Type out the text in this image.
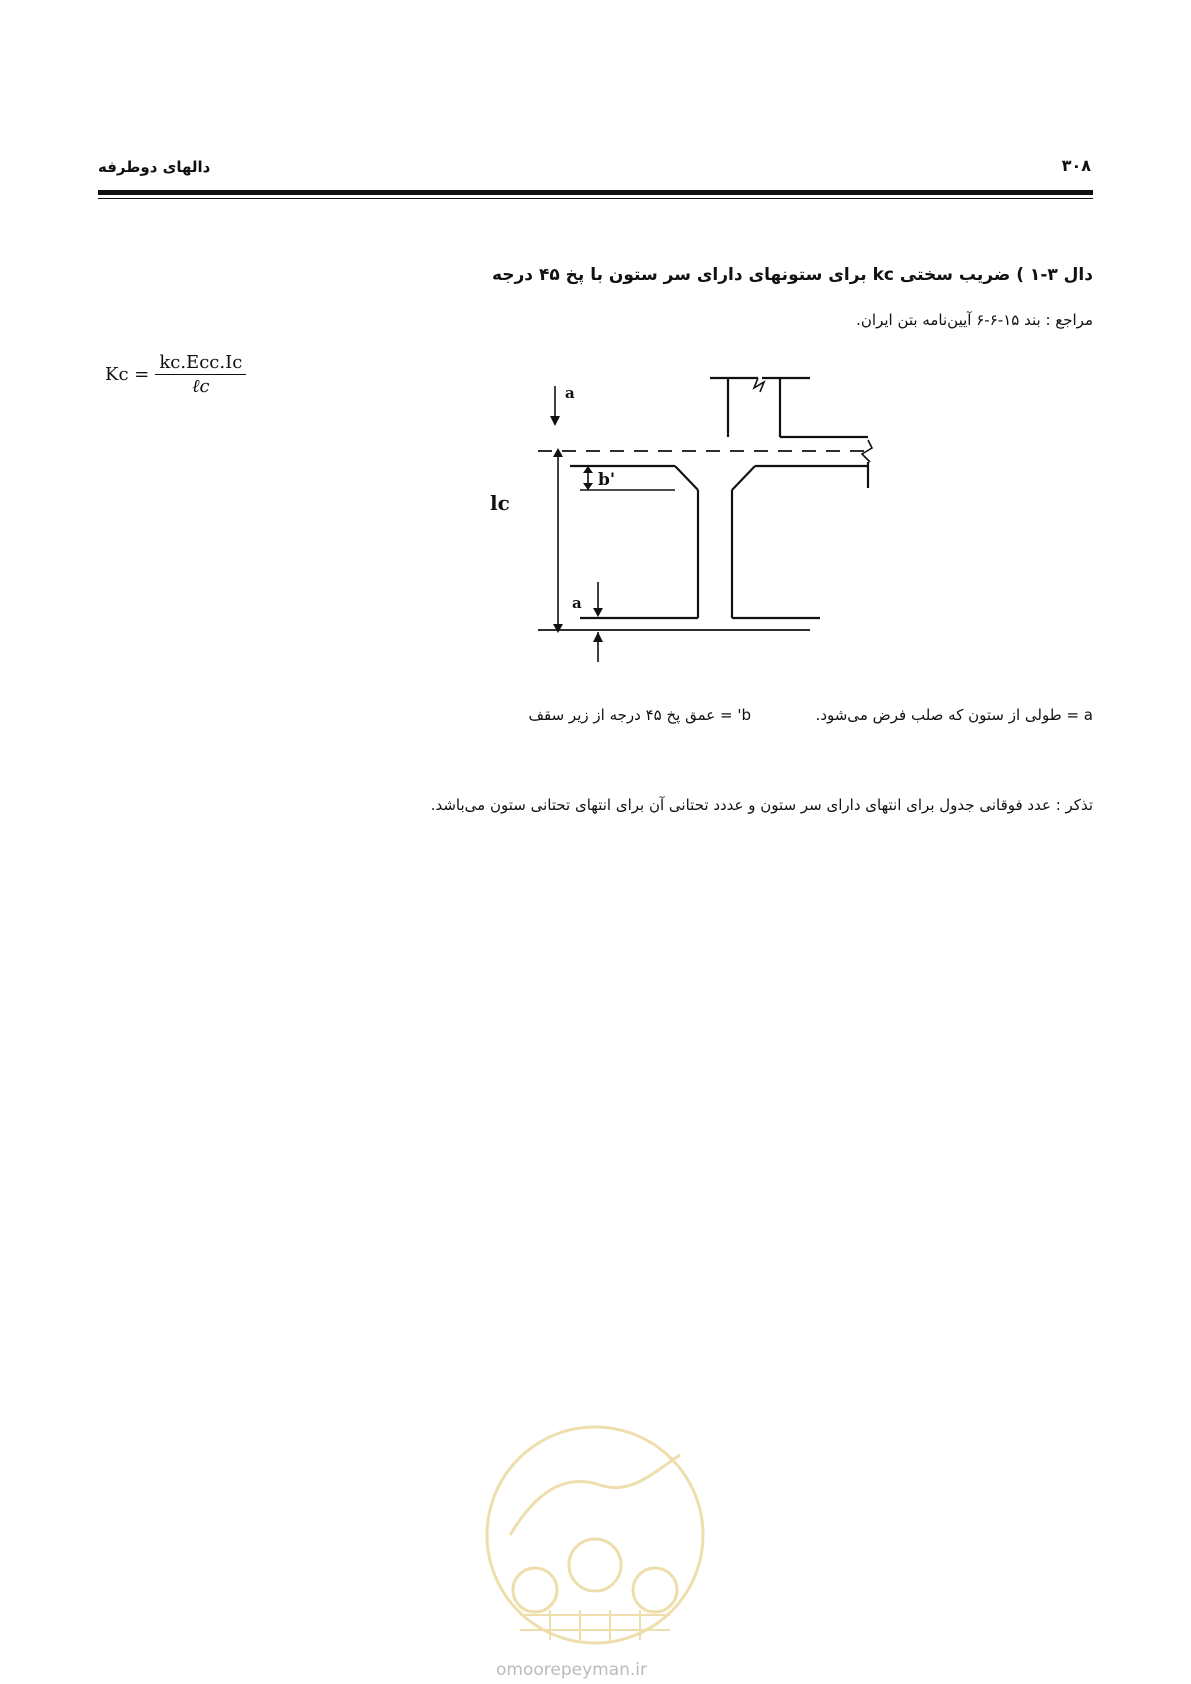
دالهای دوطرفه	۳۰۸
دال ۳-۱ ) ضریب سختی kc برای ستونهای دارای سر ستون با پخ ۴۵ درجه
مراجع : بند ۱۵-۶-۶ آیین‌نامه بتن ایران.
$Kc = \frac{\text{kc.Ecc.Ic}}{\text{ℓc}}$	a
b'
lc
a
a = طولی از ستون که صلب فرض می‌شود.
b' = عمق پخ ۴۵ درجه از زیر سقف
تذکر : عدد فوقانی جدول برای انتهای دارای سر ستون و عددد تحتانی آن برای انتهای تحتانی ستون می‌باشد.
omoorepeyman.ir
